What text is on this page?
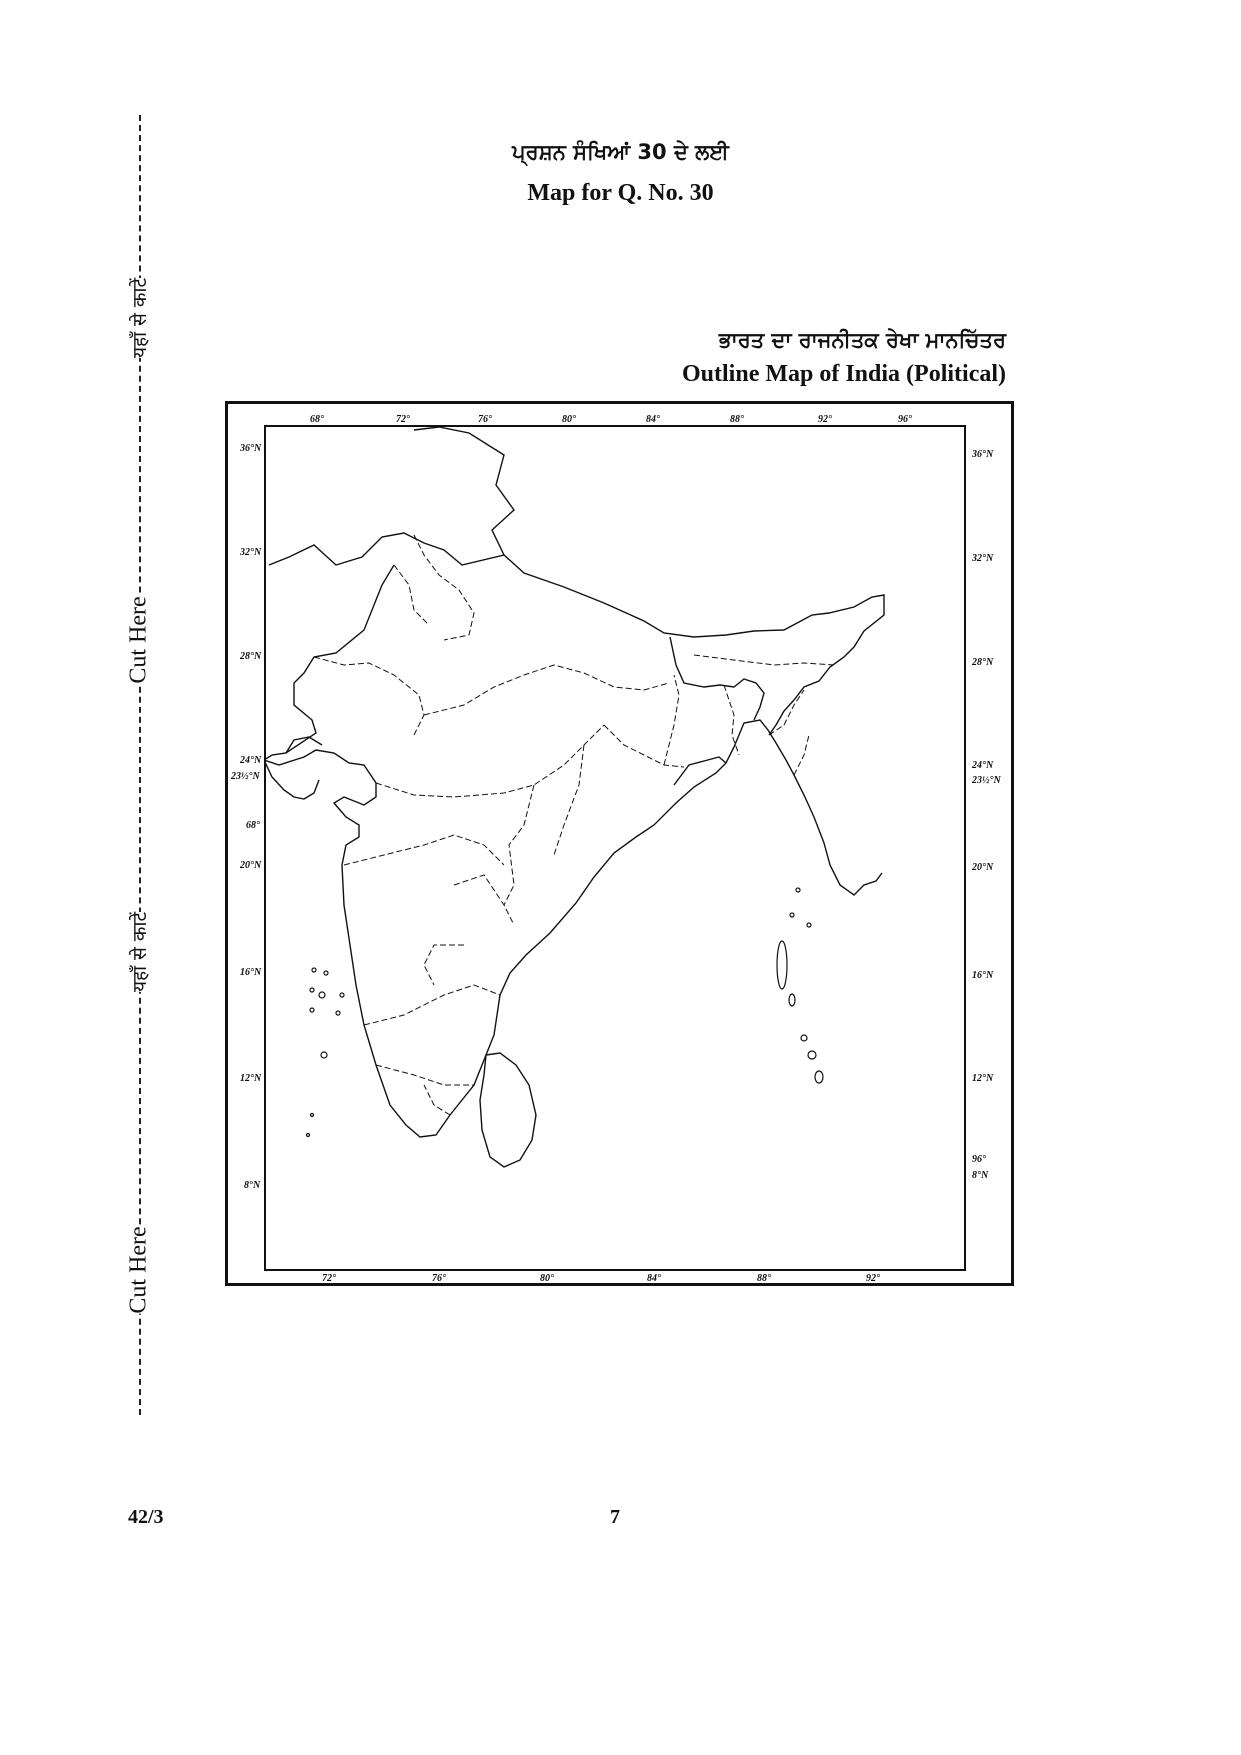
यहाँ से काटें
Cut Here
यहाँ से काटें
Cut Here
ਪ੍ਰਸ਼ਨ ਸੰਖਿਆਂ 30 ਦੇ ਲਈ
Map for Q. No. 30
ਭਾਰਤ ਦਾ ਰਾਜਨੀਤਕ ਰੇਖਾ ਮਾਨਚਿੱਤਰ
Outline Map of India (Political)
68°	72°	76°	80°	84°	88°	92°	96°
72°	76°	80°	84°	88°	92°
36°N
32°N
28°N
24°N
23½°N
68°
20°N
16°N
12°N
8°N
36°N
32°N
28°N
24°N
23½°N
20°N
16°N
12°N
96°
8°N
42/3	7
